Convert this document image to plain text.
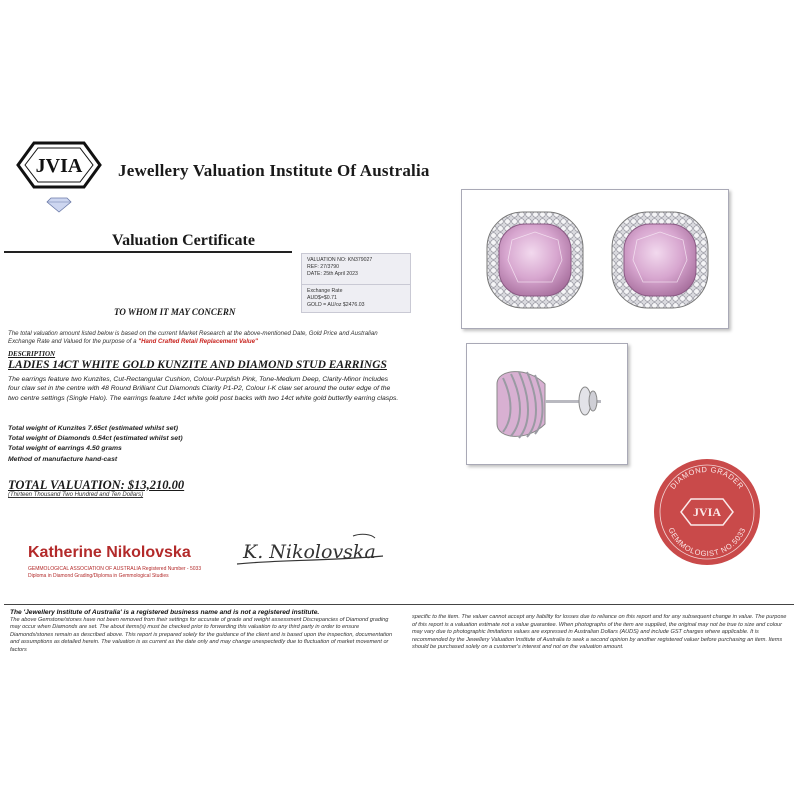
JVIA Jewellery Valuation Institute Of Australia
Valuation Certificate
VALUATION NO: KN379027
REF: 27/3790
DATE: 25th April 2023
Exchange Rate
AUD$=$0.71
GOLD = AU/oz $2476.03
TO WHOM IT MAY CONCERN
The total valuation amount listed below is based on the current Market Research at the above-mentioned Date, Gold Price and Australian Exchange Rate and Valued for the purpose of a "Hand Crafted Retail Replacement Value"
DESCRIPTION
LADIES 14CT WHITE GOLD KUNZITE AND DIAMOND STUD EARRINGS
The earrings feature two Kunzites, Cut-Rectangular Cushion, Colour-Purplish Pink, Tone-Medium Deep, Clarity-Minor Includes four claw set in the centre with 48 Round Brilliant Cut Diamonds Clarity P1-P2, Colour I-K claw set around the outer edge of the two centre settings (Single Halo). The earrings feature 14ct white gold post backs with two 14ct white gold butterfly earring clasps.
Total weight of Kunzites 7.65ct (estimated whilst set)
Total weight of Diamonds 0.54ct (estimated whilst set)
Total weight of earrings 4.50 grams
Method of manufacture hand-cast
TOTAL VALUATION: $13,210.00
(Thirteen Thousand Two Hundred and Ten Dollars)
Katherine Nikolovska	K. Nikolovska
GEMMOLOGICAL ASSOCIATION OF AUSTRALIA Registered Number - 5033
Diploma in Diamond Grading/Diploma in Gemmological Studies
DIAMOND GRADER
GEMMOLOGIST NO.5033
JVIA
The 'Jewellery Institute of Australia' is a registered business name and is not a registered institute.
The above Gemstone/stones have not been removed from their settings for accurate of grade and weight assessment Discrepancies of Diamond grading may occur when Diamonds are set. The about items(s) must be checked prior to forwarding this valuation to any third party in order to ensure Diamonds/stones remain as described above. This report is prepared solely for the guidance of the client and is based upon the inspection, documentation and assumptions as detailed herein. The valuation is as current as the date only and may change unexpectedly due to fluctuation of market movement or factors
specific to the item. The valuer cannot accept any liability for losses due to reliance on this report and for any subsequent change in value. The purpose of this report is a valuation estimate not a value guarantee. When photographs of the item are supplied, the original may not be true to size and colour may vary due to photographic limitations values are expressed in Australian Dollars (AUDS) and include GST charges where applicable. It is recommended by the Jewellery Valuation Institute of Australia to seek a second opinion by another registered valuer before purchasing an item. Items should be purchased solely on a customer's interest and not on the valuation amount.
